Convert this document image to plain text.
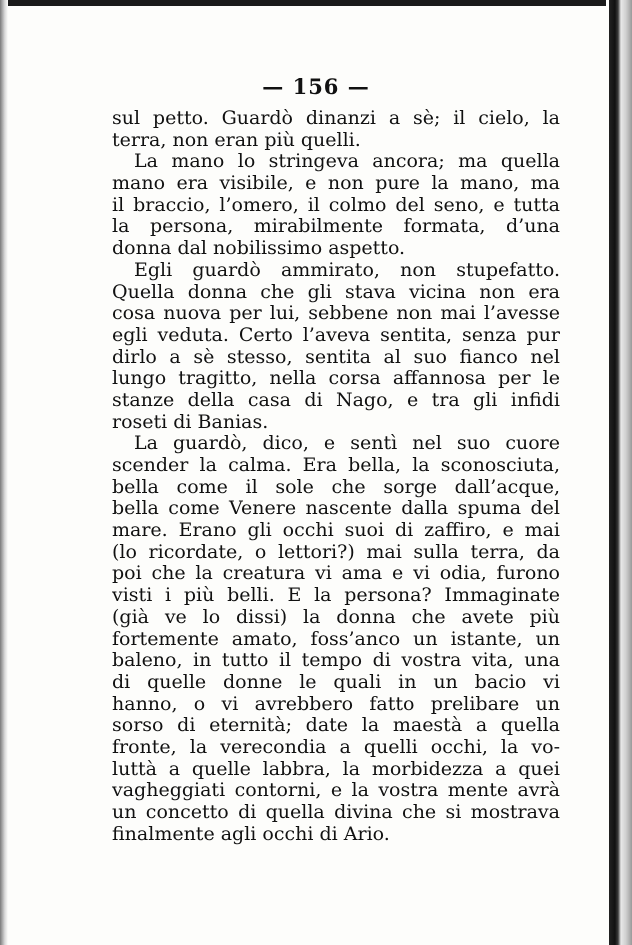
— 156 —
sul petto. Guardò dinanzi a sè; il cielo, la
terra, non eran più quelli.
La mano lo stringeva ancora; ma quella
mano era visibile, e non pure la mano, ma
il braccio, l’omero, il colmo del seno, e tutta
la persona, mirabilmente formata, d’una
donna dal nobilissimo aspetto.
Egli guardò ammirato, non stupefatto.
Quella donna che gli stava vicina non era
cosa nuova per lui, sebbene non mai l’avesse
egli veduta. Certo l’aveva sentita, senza pur
dirlo a sè stesso, sentita al suo fianco nel
lungo tragitto, nella corsa affannosa per le
stanze della casa di Nago, e tra gli infidi
roseti di Banias.
La guardò, dico, e sentì nel suo cuore
scender la calma. Era bella, la sconosciuta,
bella come il sole che sorge dall’acque,
bella come Venere nascente dalla spuma del
mare. Erano gli occhi suoi di zaffiro, e mai
(lo ricordate, o lettori?) mai sulla terra, da
poi che la creatura vi ama e vi odia, furono
visti i più belli. E la persona? Immaginate
(già ve lo dissi) la donna che avete più
fortemente amato, foss’anco un istante, un
baleno, in tutto il tempo di vostra vita, una
di quelle donne le quali in un bacio vi
hanno, o vi avrebbero fatto prelibare un
sorso di eternità; date la maestà a quella
fronte, la verecondia a quelli occhi, la vo-
luttà a quelle labbra, la morbidezza a quei
vagheggiati contorni, e la vostra mente avrà
un concetto di quella divina che si mostrava
finalmente agli occhi di Ario.
